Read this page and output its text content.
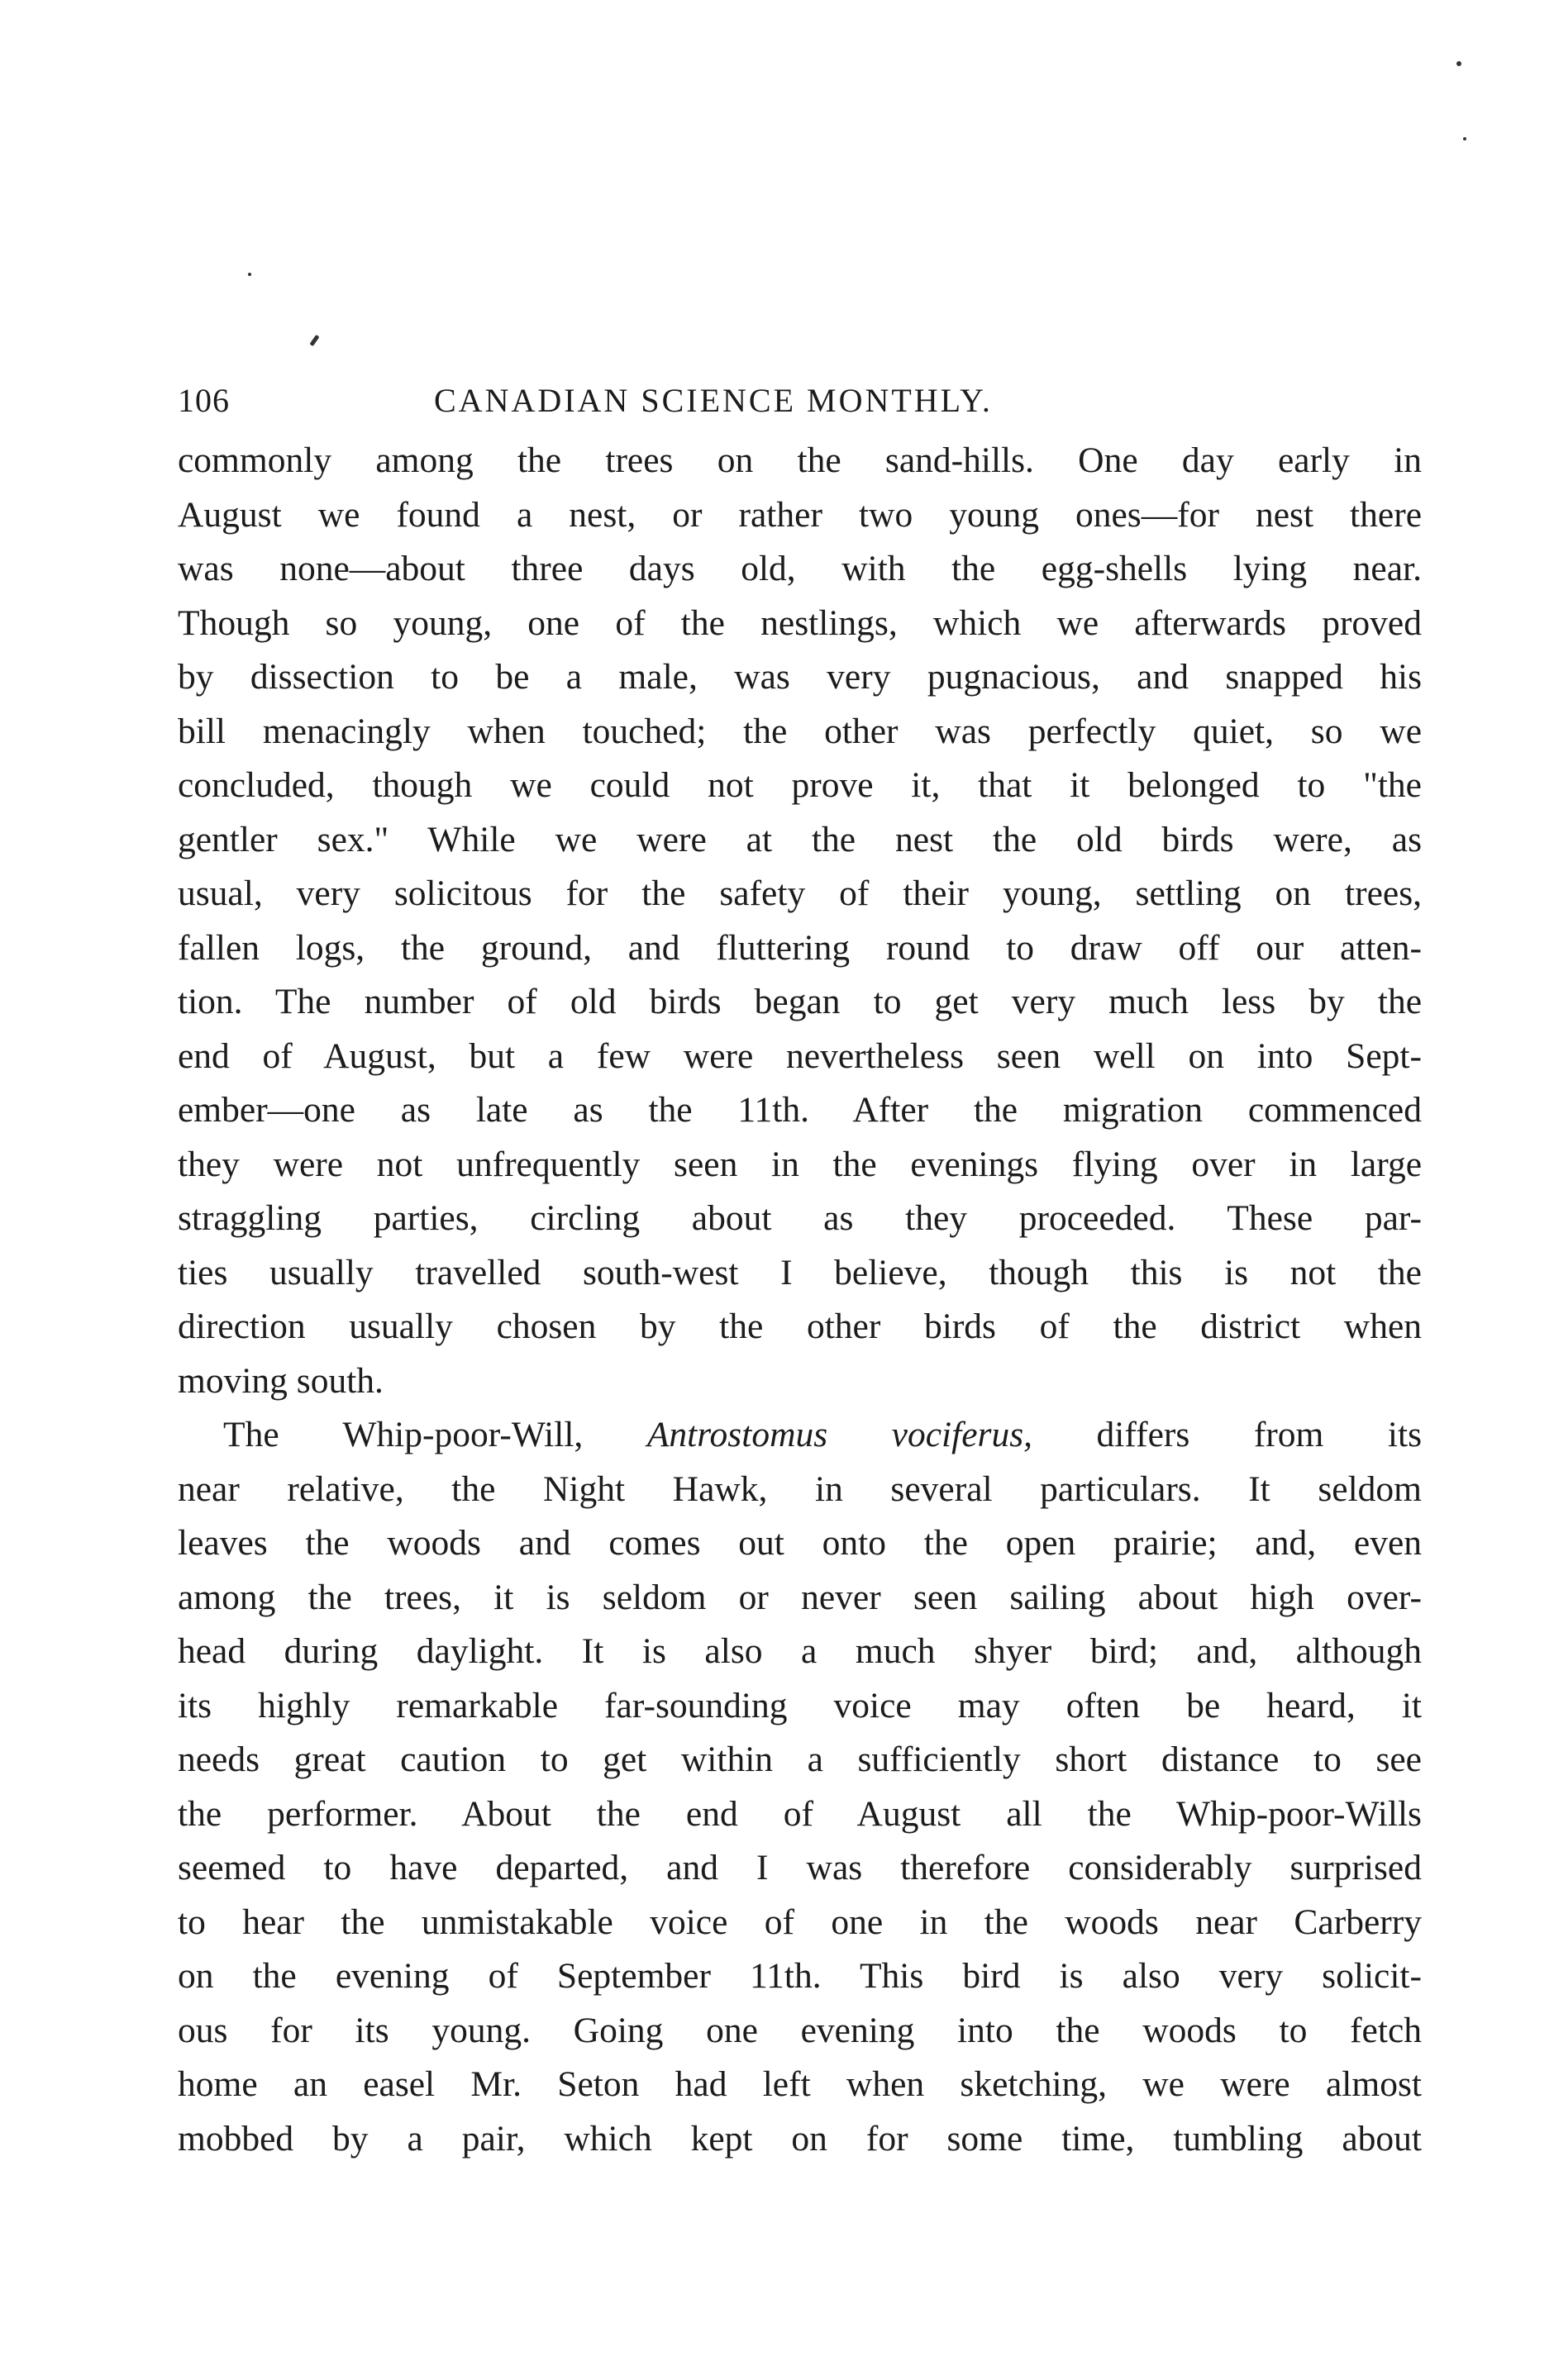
106	CANADIAN SCIENCE MONTHLY.

commonly among the trees on the sand-hills. One day early in
August we found a nest, or rather two young ones—for nest there
was none—about three days old, with the egg-shells lying near.
Though so young, one of the nestlings, which we afterwards proved
by dissection to be a male, was very pugnacious, and snapped his
bill menacingly when touched; the other was perfectly quiet, so we
concluded, though we could not prove it, that it belonged to "the
gentler sex." While we were at the nest the old birds were, as
usual, very solicitous for the safety of their young, settling on trees,
fallen logs, the ground, and fluttering round to draw off our atten-
tion. The number of old birds began to get very much less by the
end of August, but a few were nevertheless seen well on into Sept-
ember—one as late as the 11th. After the migration commenced
they were not unfrequently seen in the evenings flying over in large
straggling parties, circling about as they proceeded. These par-
ties usually travelled south-west I believe, though this is not the
direction usually chosen by the other birds of the district when
moving south.

The Whip-poor-Will, Antrostomus vociferus, differs from its
near relative, the Night Hawk, in several particulars. It seldom
leaves the woods and comes out onto the open prairie; and, even
among the trees, it is seldom or never seen sailing about high over-
head during daylight. It is also a much shyer bird; and, although
its highly remarkable far-sounding voice may often be heard, it
needs great caution to get within a sufficiently short distance to see
the performer. About the end of August all the Whip-poor-Wills
seemed to have departed, and I was therefore considerably surprised
to hear the unmistakable voice of one in the woods near Carberry
on the evening of September 11th. This bird is also very solicit-
ous for its young. Going one evening into the woods to fetch
home an easel Mr. Seton had left when sketching, we were almost
mobbed by a pair, which kept on for some time, tumbling about
